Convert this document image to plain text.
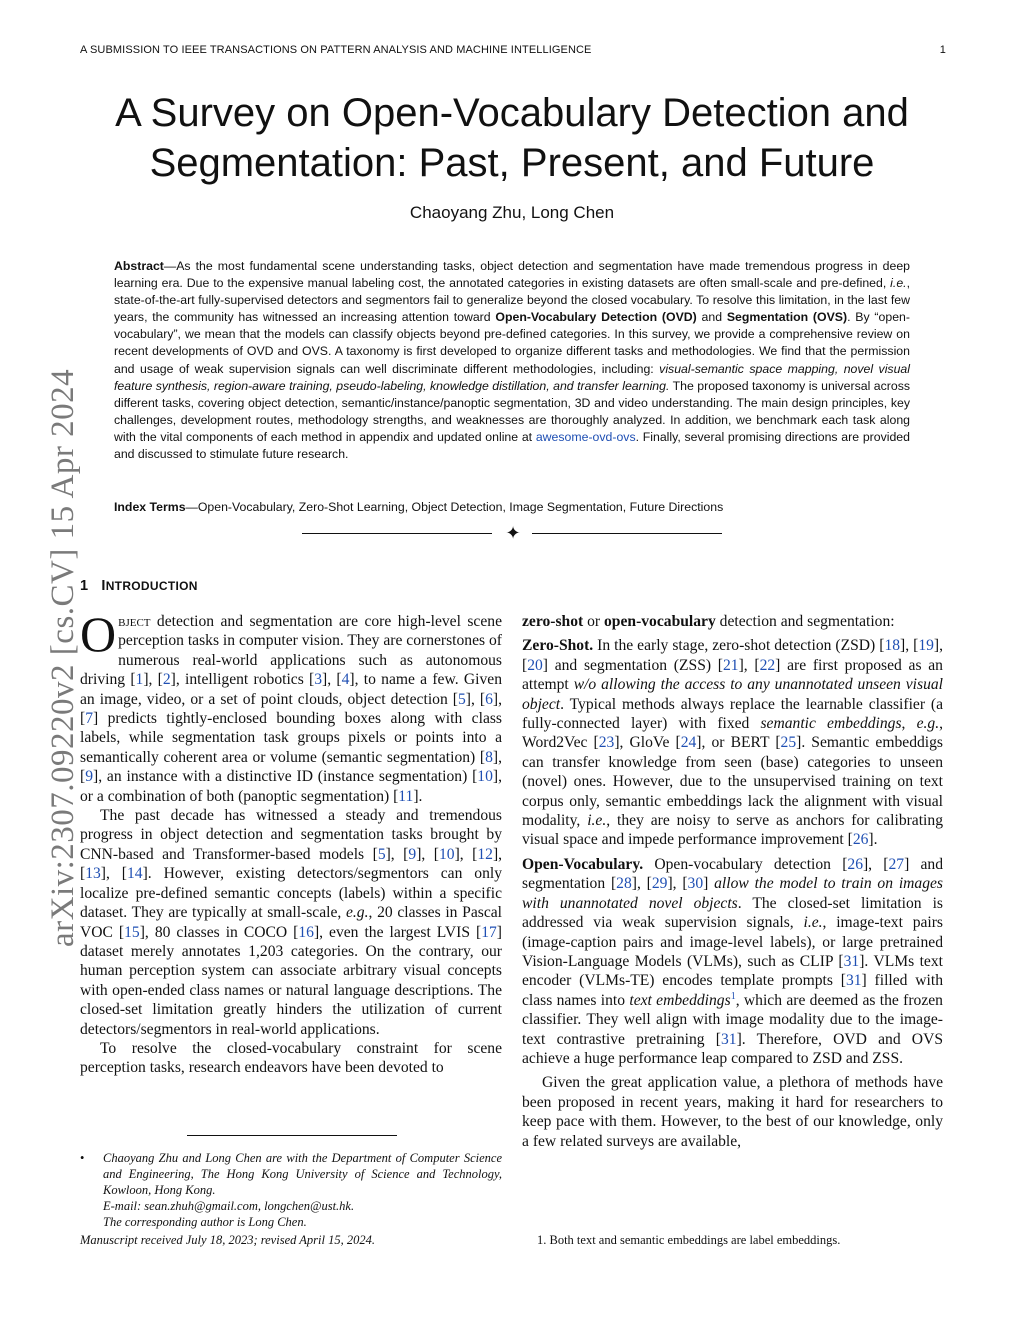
A SUBMISSION TO IEEE TRANSACTIONS ON PATTERN ANALYSIS AND MACHINE INTELLIGENCE	1
A Survey on Open-Vocabulary Detection and
Segmentation: Past, Present, and Future
Chaoyang Zhu, Long Chen
Abstract—As the most fundamental scene understanding tasks, object detection and segmentation have made tremendous progress in deep learning era. Due to the expensive manual labeling cost, the annotated categories in existing datasets are often small-scale and pre-defined, i.e., state-of-the-art fully-supervised detectors and segmentors fail to generalize beyond the closed vocabulary. To resolve this limitation, in the last few years, the community has witnessed an increasing attention toward Open-Vocabulary Detection (OVD) and Segmentation (OVS). By “open-vocabulary”, we mean that the models can classify objects beyond pre-defined categories. In this survey, we provide a comprehensive review on recent developments of OVD and OVS. A taxonomy is first developed to organize different tasks and methodologies. We find that the permission and usage of weak supervision signals can well discriminate different methodologies, including: visual-semantic space mapping, novel visual feature synthesis, region-aware training, pseudo-labeling, knowledge distillation, and transfer learning. The proposed taxonomy is universal across different tasks, covering object detection, semantic/instance/panoptic segmentation, 3D and video understanding. The main design principles, key challenges, development routes, methodology strengths, and weaknesses are thoroughly analyzed. In addition, we benchmark each task along with the vital components of each method in appendix and updated online at awesome-ovd-ovs. Finally, several promising directions are provided and discussed to stimulate future research.
Index Terms—Open-Vocabulary, Zero-Shot Learning, Object Detection, Image Segmentation, Future Directions
✦
1 INTRODUCTION

Object detection and segmentation are core high-level scene perception tasks in computer vision. They are cornerstones of numerous real-world applications such as autonomous driving [1], [2], intelligent robotics [3], [4], to name a few. Given an image, video, or a set of point clouds, object detection [5], [6], [7] predicts tightly-enclosed bounding boxes along with class labels, while segmentation task groups pixels or points into a semantically coherent area or volume (semantic segmentation) [8], [9], an instance with a distinctive ID (instance segmentation) [10], or a combination of both (panoptic segmentation) [11].

The past decade has witnessed a steady and tremendous progress in object detection and segmentation tasks brought by CNN-based and Transformer-based models [5], [9], [10], [12], [13], [14]. However, existing detectors/segmentors can only localize pre-defined semantic concepts (labels) within a specific dataset. They are typically at small-scale, e.g., 20 classes in Pascal VOC [15], 80 classes in COCO [16], even the largest LVIS [17] dataset merely annotates 1,203 categories. On the contrary, our human perception system can associate arbitrary visual concepts with open-ended class names or natural language descriptions. The closed-set limitation greatly hinders the utilization of current detectors/segmentors in real-world applications.

To resolve the closed-vocabulary constraint for scene perception tasks, research endeavors have been devoted to

zero-shot or open-vocabulary detection and segmentation:

Zero-Shot. In the early stage, zero-shot detection (ZSD) [18], [19], [20] and segmentation (ZSS) [21], [22] are first proposed as an attempt w/o allowing the access to any unannotated unseen visual object. Typical methods always replace the learnable classifier (a fully-connected layer) with fixed semantic embeddings, e.g., Word2Vec [23], GloVe [24], or BERT [25]. Semantic embeddigs can transfer knowledge from seen (base) categories to unseen (novel) ones. However, due to the unsupervised training on text corpus only, semantic embeddings lack the alignment with visual modality, i.e., they are noisy to serve as anchors for calibrating visual space and impede performance improvement [26].

Open-Vocabulary. Open-vocabulary detection [26], [27] and segmentation [28], [29], [30] allow the model to train on images with unannotated novel objects. The closed-set limitation is addressed via weak supervision signals, i.e., image-text pairs (image-caption pairs and image-level labels), or large pretrained Vision-Language Models (VLMs), such as CLIP [31]. VLMs text encoder (VLMs-TE) encodes template prompts [31] filled with class names into text embeddings$^1$, which are deemed as the frozen classifier. They well align with image modality due to the image-text contrastive pretraining [31]. Therefore, OVD and OVS achieve a huge performance leap compared to ZSD and ZSS.

Given the great application value, a plethora of methods have been proposed in recent years, making it hard for researchers to keep pace with them. However, to the best of our knowledge, only a few related surveys are available,

• Chaoyang Zhu and Long Chen are with the Department of Computer Science and Engineering, The Hong Kong University of Science and Technology, Kowloon, Hong Kong.
E-mail: sean.zhuh@gmail.com, longchen@ust.hk.
The corresponding author is Long Chen.
Manuscript received July 18, 2023; revised April 15, 2024.	1. Both text and semantic embeddings are label embeddings.
arXiv:2307.09220v2 [cs.CV] 15 Apr 2024
